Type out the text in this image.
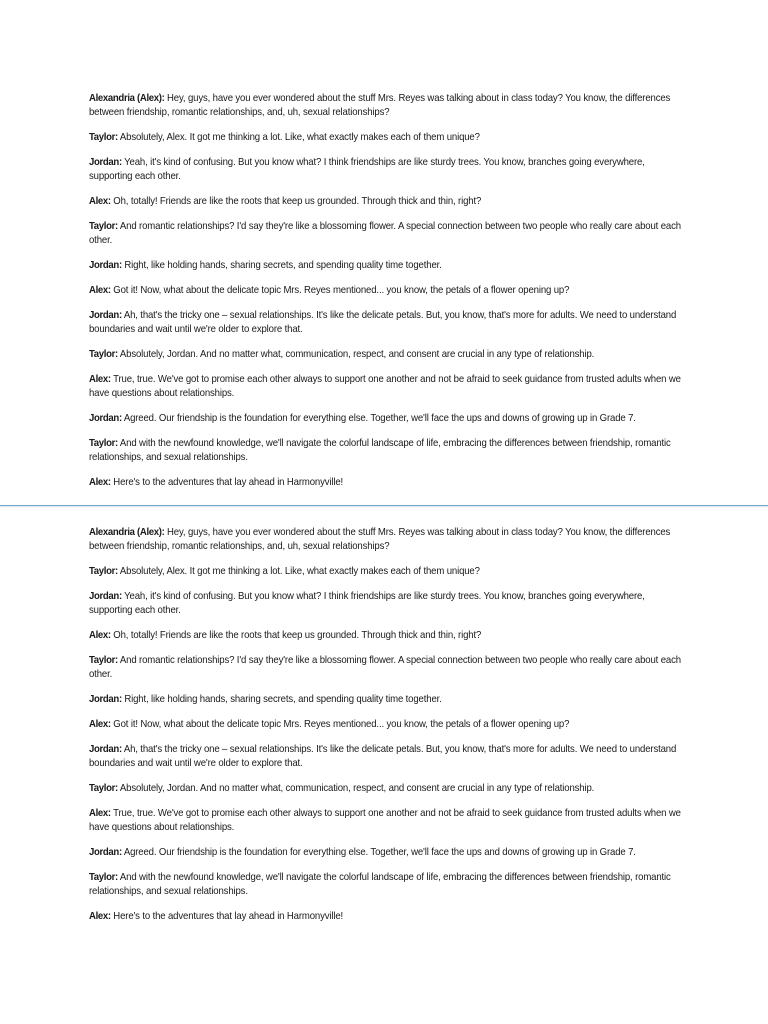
Alexandria (Alex): Hey, guys, have you ever wondered about the stuff Mrs. Reyes was talking about in class today? You know, the differences between friendship, romantic relationships, and, uh, sexual relationships?

Taylor: Absolutely, Alex. It got me thinking a lot. Like, what exactly makes each of them unique?

Jordan: Yeah, it's kind of confusing. But you know what? I think friendships are like sturdy trees. You know, branches going everywhere, supporting each other.

Alex: Oh, totally! Friends are like the roots that keep us grounded. Through thick and thin, right?

Taylor: And romantic relationships? I'd say they're like a blossoming flower. A special connection between two people who really care about each other.

Jordan: Right, like holding hands, sharing secrets, and spending quality time together.

Alex: Got it! Now, what about the delicate topic Mrs. Reyes mentioned... you know, the petals of a flower opening up?

Jordan: Ah, that's the tricky one – sexual relationships. It's like the delicate petals. But, you know, that's more for adults. We need to understand boundaries and wait until we're older to explore that.

Taylor: Absolutely, Jordan. And no matter what, communication, respect, and consent are crucial in any type of relationship.

Alex: True, true. We've got to promise each other always to support one another and not be afraid to seek guidance from trusted adults when we have questions about relationships.

Jordan: Agreed. Our friendship is the foundation for everything else. Together, we'll face the ups and downs of growing up in Grade 7.

Taylor: And with the newfound knowledge, we'll navigate the colorful landscape of life, embracing the differences between friendship, romantic relationships, and sexual relationships.

Alex: Here's to the adventures that lay ahead in Harmonyville!

Alexandria (Alex): Hey, guys, have you ever wondered about the stuff Mrs. Reyes was talking about in class today? You know, the differences between friendship, romantic relationships, and, uh, sexual relationships?

Taylor: Absolutely, Alex. It got me thinking a lot. Like, what exactly makes each of them unique?

Jordan: Yeah, it's kind of confusing. But you know what? I think friendships are like sturdy trees. You know, branches going everywhere, supporting each other.

Alex: Oh, totally! Friends are like the roots that keep us grounded. Through thick and thin, right?

Taylor: And romantic relationships? I'd say they're like a blossoming flower. A special connection between two people who really care about each other.

Jordan: Right, like holding hands, sharing secrets, and spending quality time together.

Alex: Got it! Now, what about the delicate topic Mrs. Reyes mentioned... you know, the petals of a flower opening up?

Jordan: Ah, that's the tricky one – sexual relationships. It's like the delicate petals. But, you know, that's more for adults. We need to understand boundaries and wait until we're older to explore that.

Taylor: Absolutely, Jordan. And no matter what, communication, respect, and consent are crucial in any type of relationship.

Alex: True, true. We've got to promise each other always to support one another and not be afraid to seek guidance from trusted adults when we have questions about relationships.

Jordan: Agreed. Our friendship is the foundation for everything else. Together, we'll face the ups and downs of growing up in Grade 7.

Taylor: And with the newfound knowledge, we'll navigate the colorful landscape of life, embracing the differences between friendship, romantic relationships, and sexual relationships.

Alex: Here's to the adventures that lay ahead in Harmonyville!
